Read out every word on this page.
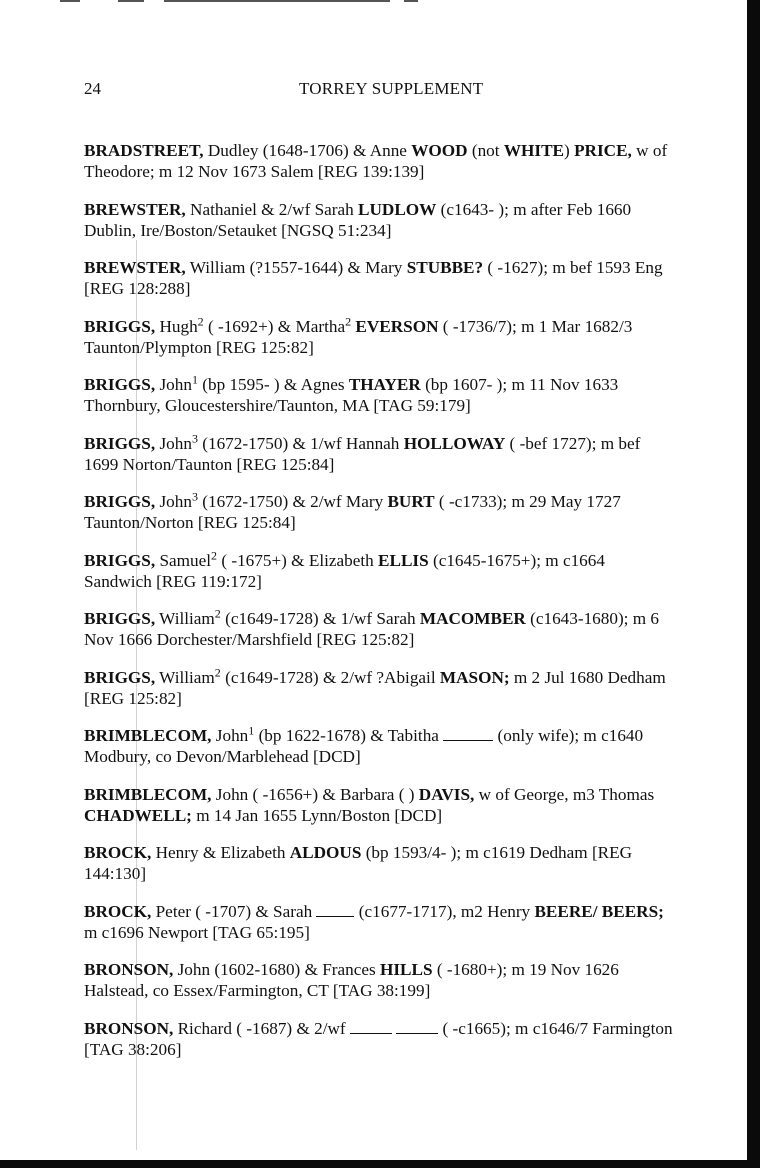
24	TORREY SUPPLEMENT

BRADSTREET, Dudley (1648-1706) & Anne WOOD (not WHITE) PRICE, w of Theodore; m 12 Nov 1673 Salem [REG 139:139]

BREWSTER, Nathaniel & 2/wf Sarah LUDLOW (c1643- ); m after Feb 1660 Dublin, Ire/Boston/Setauket [NGSQ 51:234]

BREWSTER, William (?1557-1644) & Mary STUBBE? ( -1627); m bef 1593 Eng [REG 128:288]

BRIGGS, Hugh$^2$ ( -1692+) & Martha$^2$ EVERSON ( -1736/7); m 1 Mar 1682/3 Taunton/Plympton [REG 125:82]

BRIGGS, John$^1$ (bp 1595- ) & Agnes THAYER (bp 1607- ); m 11 Nov 1633 Thornbury, Gloucestershire/Taunton, MA [TAG 59:179]

BRIGGS, John$^3$ (1672-1750) & 1/wf Hannah HOLLOWAY ( -bef 1727); m bef 1699 Norton/Taunton [REG 125:84]

BRIGGS, John$^3$ (1672-1750) & 2/wf Mary BURT ( -c1733); m 29 May 1727 Taunton/Norton [REG 125:84]

BRIGGS, Samuel$^2$ ( -1675+) & Elizabeth ELLIS (c1645-1675+); m c1664 Sandwich [REG 119:172]

BRIGGS, William$^2$ (c1649-1728) & 1/wf Sarah MACOMBER (c1643-1680); m 6 Nov 1666 Dorchester/Marshfield [REG 125:82]

BRIGGS, William$^2$ (c1649-1728) & 2/wf ?Abigail MASON; m 2 Jul 1680 Dedham [REG 125:82]

BRIMBLECOM, John$^1$ (bp 1622-1678) & Tabitha	(only wife); m c1640 Modbury, co Devon/Marblehead [DCD]

BRIMBLECOM, John ( -1656+) & Barbara ( ) DAVIS, w of George, m3 Thomas CHADWELL; m 14 Jan 1655 Lynn/Boston [DCD]

BROCK, Henry & Elizabeth ALDOUS (bp 1593/4- ); m c1619 Dedham [REG 144:130]

BROCK, Peter ( -1707) & Sarah  (c1677-1717), m2 Henry BEERE/ BEERS; m c1696 Newport [TAG 65:195]

BRONSON, John (1602-1680) & Frances HILLS ( -1680+); m 19 Nov 1626 Halstead, co Essex/Farmington, CT [TAG 38:199]

BRONSON, Richard ( -1687) & 2/wf	( -c1665); m c1646/7 Farmington [TAG 38:206]
